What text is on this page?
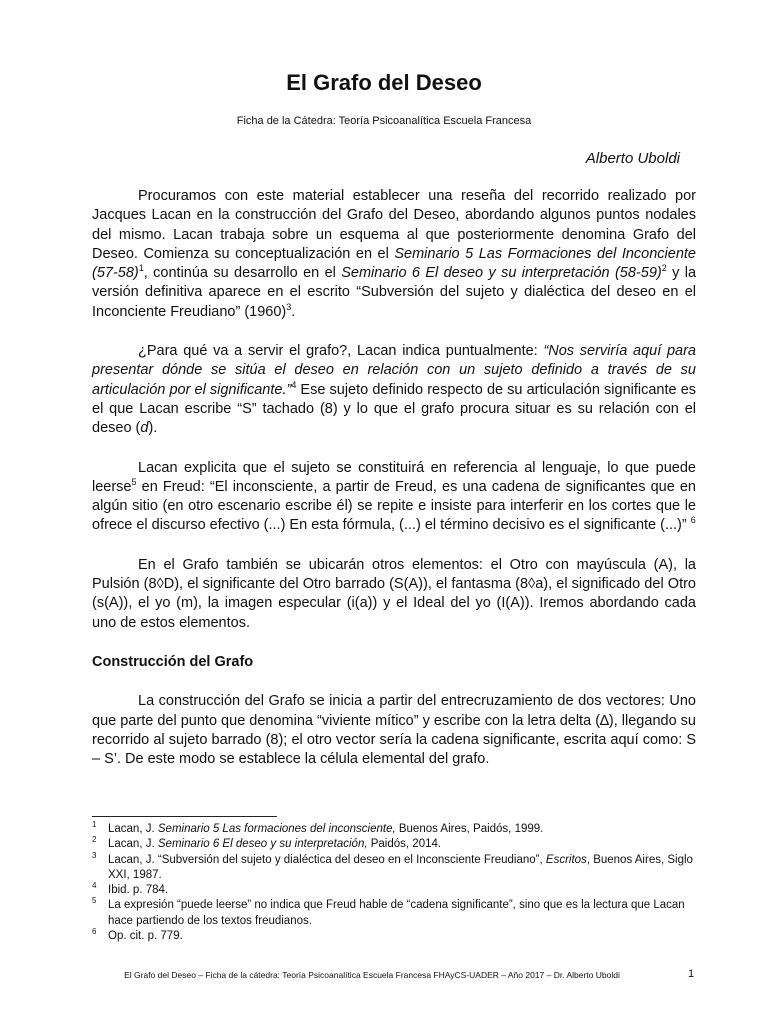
El Grafo del Deseo
Ficha de la Cátedra: Teoría Psicoanalítica Escuela Francesa
Alberto Uboldi

Procuramos con este material establecer una reseña del recorrido realizado por Jacques Lacan en la construcción del Grafo del Deseo, abordando algunos puntos nodales del mismo. Lacan trabaja sobre un esquema al que posteriormente denomina Grafo del Deseo. Comienza su conceptualización en el Seminario 5 Las Formaciones del Inconciente $(57-58)^1$, continúa su desarrollo en el Seminario 6 El deseo y su interpretación $(58-59)^2$ y la versión definitiva aparece en el escrito “Subversión del sujeto y dialéctica del deseo en el Inconciente Freudiano” $(1960)^3$.

¿Para qué va a servir el grafo?, Lacan indica puntualmente: “Nos serviría aquí para presentar dónde se sitúa el deseo en relación con un sujeto definido a través de su articulación por el significante.”$^4$ Ese sujeto definido respecto de su articulación significante es el que Lacan escribe “S” tachado (8) y lo que el grafo procura situar es su relación con el deseo (d).

Lacan explicita que el sujeto se constituirá en referencia al lenguaje, lo que puede leerse$^5$ en Freud: “El inconsciente, a partir de Freud, es una cadena de significantes que en algún sitio (en otro escenario escribe él) se repite e insiste para interferir en los cortes que le ofrece el discurso efectivo (...) En esta fórmula, (...) el término decisivo es el significante (...)” $^6$

En el Grafo también se ubicarán otros elementos: el Otro con mayúscula (A), la Pulsión (8◊D), el significante del Otro barrado (S(A)), el fantasma (8◊a), el significado del Otro (s(A)), el yo (m), la imagen especular (i(a)) y el Ideal del yo (I(A)). Iremos abordando cada uno de estos elementos.

Construcción del Grafo

La construcción del Grafo se inicia a partir del entrecruzamiento de dos vectores: Uno que parte del punto que denomina “viviente mítico” y escribe con la letra delta (∆), llegando su recorrido al sujeto barrado (8); el otro vector sería la cadena significante, escrita aquí como: S – S’. De este modo se establece la célula elemental del grafo.

$^1$ Lacan, J. Seminario 5 Las formaciones del inconsciente, Buenos Aires, Paidós, 1999.
$^2$ Lacan, J. Seminario 6 El deseo y su interpretación, Paidós, 2014.
$^3$ Lacan, J. “Subversión del sujeto y dialéctica del deseo en el Inconsciente Freudiano”, Escritos, Buenos Aires, Siglo XXI, 1987.
$^4$ Ibid. p. 784.
$^5$ La expresión “puede leerse” no indica que Freud hable de “cadena significante”, sino que es la lectura que Lacan hace partiendo de los textos freudianos.
$^6$ Op. cit. p. 779.
El Grafo del Deseo – Ficha de la cátedra: Teoría Psicoanalítica Escuela Francesa FHAyCS-UADER – Año 2017 – Dr. Alberto Uboldi	1
